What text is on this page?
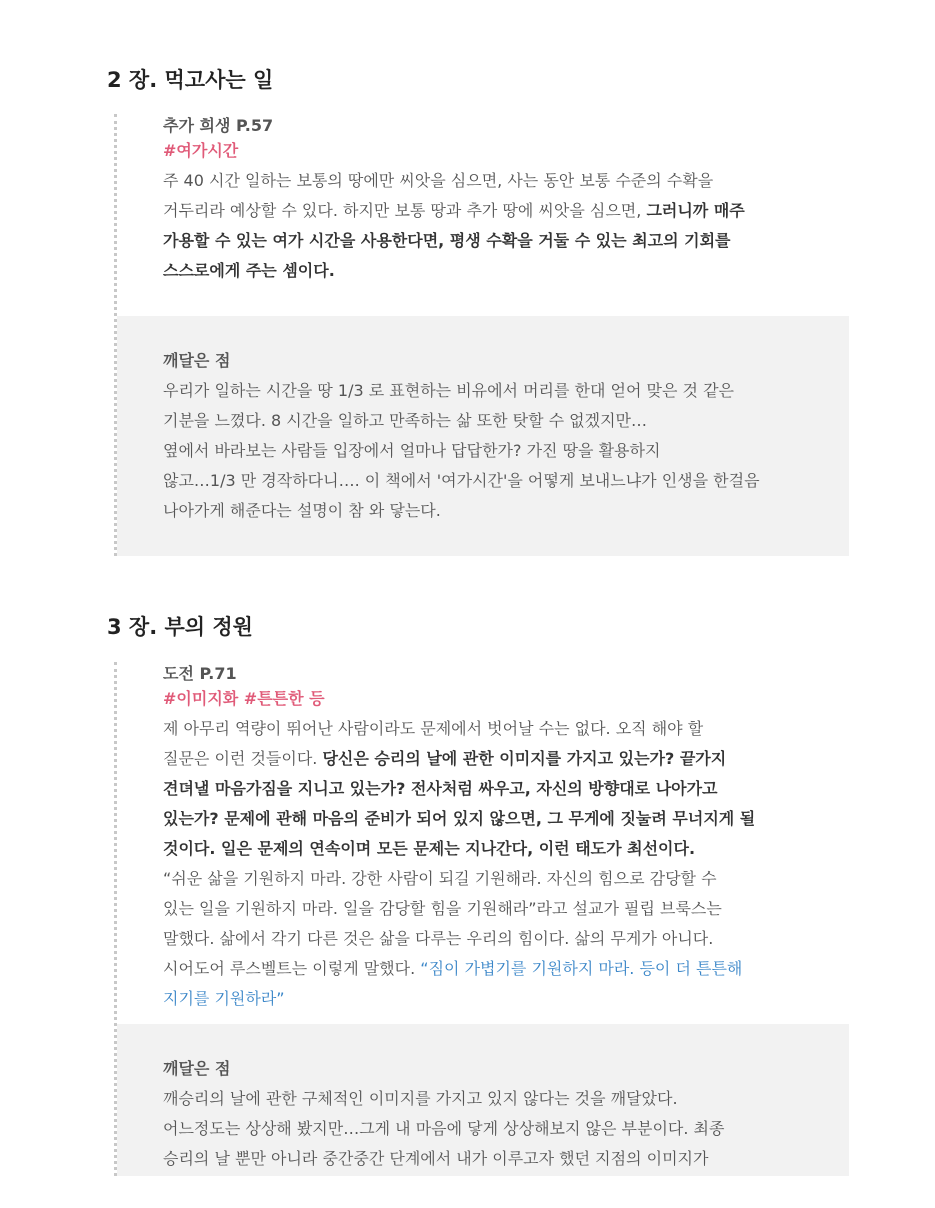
2 장. 먹고사는 일
추가 희생 P.57
#여가시간
주 40 시간 일하는 보통의 땅에만 씨앗을 심으면, 사는 동안 보통 수준의 수확을
거두리라 예상할 수 있다. 하지만 보통 땅과 추가 땅에 씨앗을 심으면, 그러니까 매주
가용할 수 있는 여가 시간을 사용한다면, 평생 수확을 거둘 수 있는 최고의 기회를
스스로에게 주는 셈이다.
깨달은 점
우리가 일하는 시간을 땅 1/3 로 표현하는 비유에서 머리를 한대 얻어 맞은 것 같은
기분을 느꼈다. 8 시간을 일하고 만족하는 삶 또한 탓할 수 없겠지만…
옆에서 바라보는 사람들 입장에서 얼마나 답답한가? 가진 땅을 활용하지
않고…1/3 만 경작하다니…. 이 책에서 '여가시간'을 어떻게 보내느냐가 인생을 한걸음
나아가게 해준다는 설명이 참 와 닿는다.
3 장. 부의 정원
도전 P.71
#이미지화 #튼튼한 등
제 아무리 역량이 뛰어난 사람이라도 문제에서 벗어날 수는 없다. 오직 해야 할
질문은 이런 것들이다. 당신은 승리의 날에 관한 이미지를 가지고 있는가? 끝가지
견뎌낼 마음가짐을 지니고 있는가? 전사처럼 싸우고, 자신의 방향대로 나아가고
있는가? 문제에 관해 마음의 준비가 되어 있지 않으면, 그 무게에 짓눌려 무너지게 될
것이다. 일은 문제의 연속이며 모든 문제는 지나간다, 이런 태도가 최선이다.
“쉬운 삶을 기원하지 마라. 강한 사람이 되길 기원해라. 자신의 힘으로 감당할 수
있는 일을 기원하지 마라. 일을 감당할 힘을 기원해라”라고 설교가 필립 브룩스는
말했다. 삶에서 각기 다른 것은 삶을 다루는 우리의 힘이다. 삶의 무게가 아니다.
시어도어 루스벨트는 이렇게 말했다. “짐이 가볍기를 기원하지 마라. 등이 더 튼튼해
지기를 기원하라”
깨달은 점
깨승리의 날에 관한 구체적인 이미지를 가지고 있지 않다는 것을 깨달았다.
어느정도는 상상해 봤지만…그게 내 마음에 닿게 상상해보지 않은 부분이다. 최종
승리의 날 뿐만 아니라 중간중간 단계에서 내가 이루고자 했던 지점의 이미지가
